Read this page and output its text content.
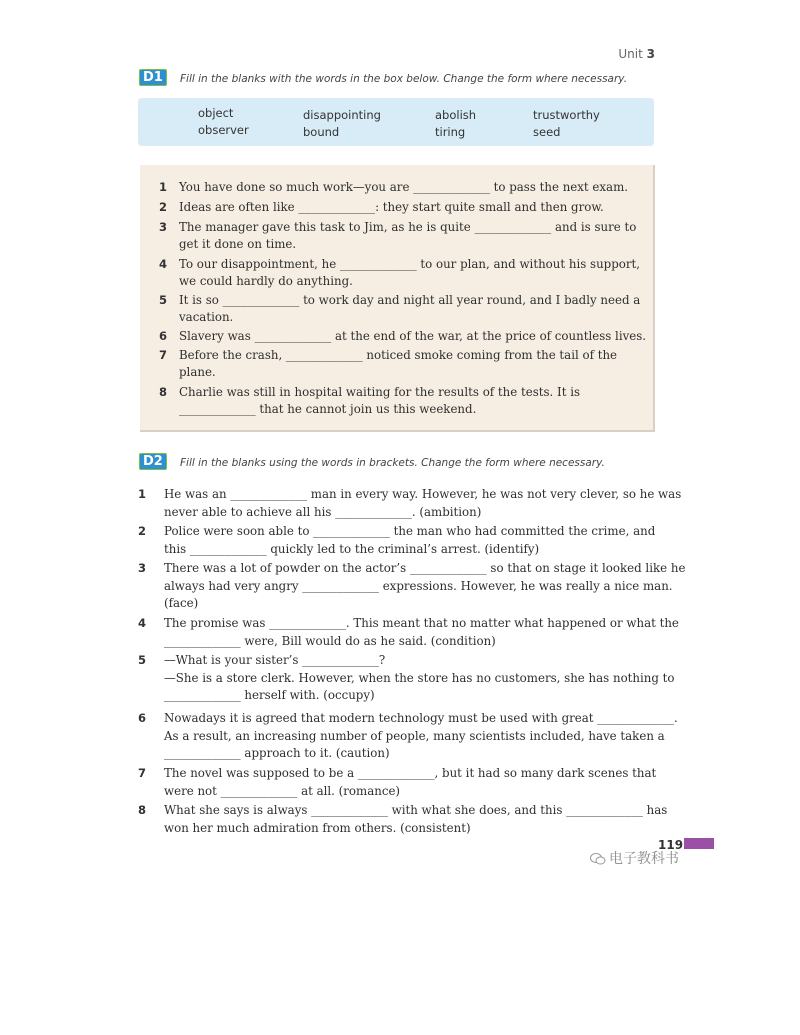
Unit 3
D1	Fill in the blanks with the words in the box below. Change the form where necessary.
object
observer
disappointing
bound
abolish
tiring
trustworthy
seed
1 You have done so much work—you are _____________ to pass the next exam.
2 Ideas are often like _____________: they start quite small and then grow.
3 The manager gave this task to Jim, as he is quite _____________ and is sure to
get it done on time.
4 To our disappointment, he _____________ to our plan, and without his support,
we could hardly do anything.
5 It is so _____________ to work day and night all year round, and I badly need a
vacation.
6 Slavery was _____________ at the end of the war, at the price of countless lives.
7 Before the crash, _____________ noticed smoke coming from the tail of the
plane.
8 Charlie was still in hospital waiting for the results of the tests. It is
_____________ that he cannot join us this weekend.
D2	Fill in the blanks using the words in brackets. Change the form where necessary.
1 He was an _____________ man in every way. However, he was not very clever, so he was
never able to achieve all his _____________. (ambition)
2 Police were soon able to _____________ the man who had committed the crime, and
this _____________ quickly led to the criminal’s arrest. (identify)
3 There was a lot of powder on the actor’s _____________ so that on stage it looked like he
always had very angry _____________ expressions. However, he was really a nice man.
(face)
4 The promise was _____________. This meant that no matter what happened or what the
_____________ were, Bill would do as he said. (condition)
5 —What is your sister’s _____________?
—She is a store clerk. However, when the store has no customers, she has nothing to
_____________ herself with. (occupy)
6 Nowadays it is agreed that modern technology must be used with great _____________.
As a result, an increasing number of people, many scientists included, have taken a
_____________ approach to it. (caution)
7 The novel was supposed to be a _____________, but it had so many dark scenes that
were not _____________ at all. (romance)
8 What she says is always _____________ with what she does, and this _____________ has
won her much admiration from others. (consistent)
119
电子教科书
